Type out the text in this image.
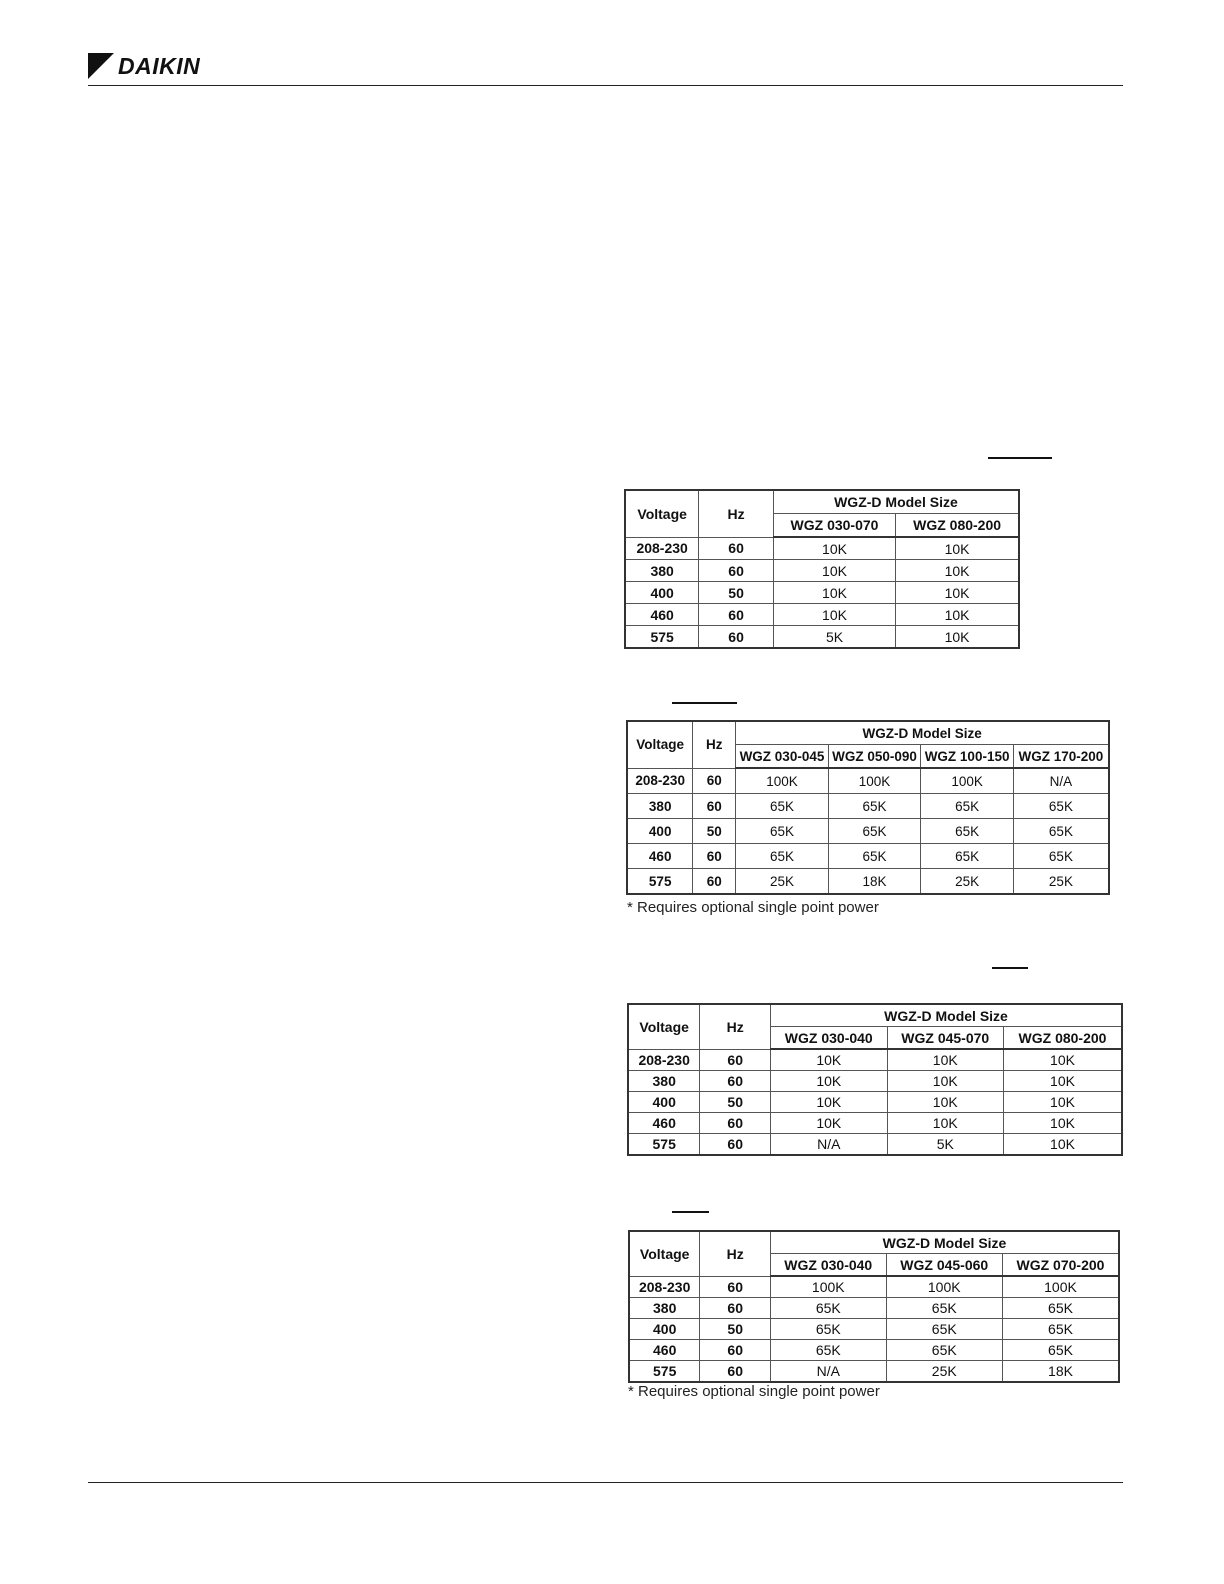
DAIKIN
Voltage	Hz	WGZ-D Model Size	
		WGZ 030-070	WGZ 080-200
208-230	60	10K	10K
380	60	10K	10K
400	50	10K	10K
460	60	10K	10K
575	60	5K	10K
Voltage	Hz	WGZ-D Model Size			
		WGZ 030-045	WGZ 050-090	WGZ 100-150	WGZ 170-200
208-230	60	100K	100K	100K	N/A
380	60	65K	65K	65K	65K
400	50	65K	65K	65K	65K
460	60	65K	65K	65K	65K
575	60	25K	18K	25K	25K
* Requires optional single point power
Voltage	Hz	WGZ-D Model Size		
		WGZ 030-040	WGZ 045-070	WGZ 080-200
208-230	60	10K	10K	10K
380	60	10K	10K	10K
400	50	10K	10K	10K
460	60	10K	10K	10K
575	60	N/A	5K	10K
Voltage	Hz	WGZ-D Model Size		
		WGZ 030-040	WGZ 045-060	WGZ 070-200
208-230	60	100K	100K	100K
380	60	65K	65K	65K
400	50	65K	65K	65K
460	60	65K	65K	65K
575	60	N/A	25K	18K
* Requires optional single point power
